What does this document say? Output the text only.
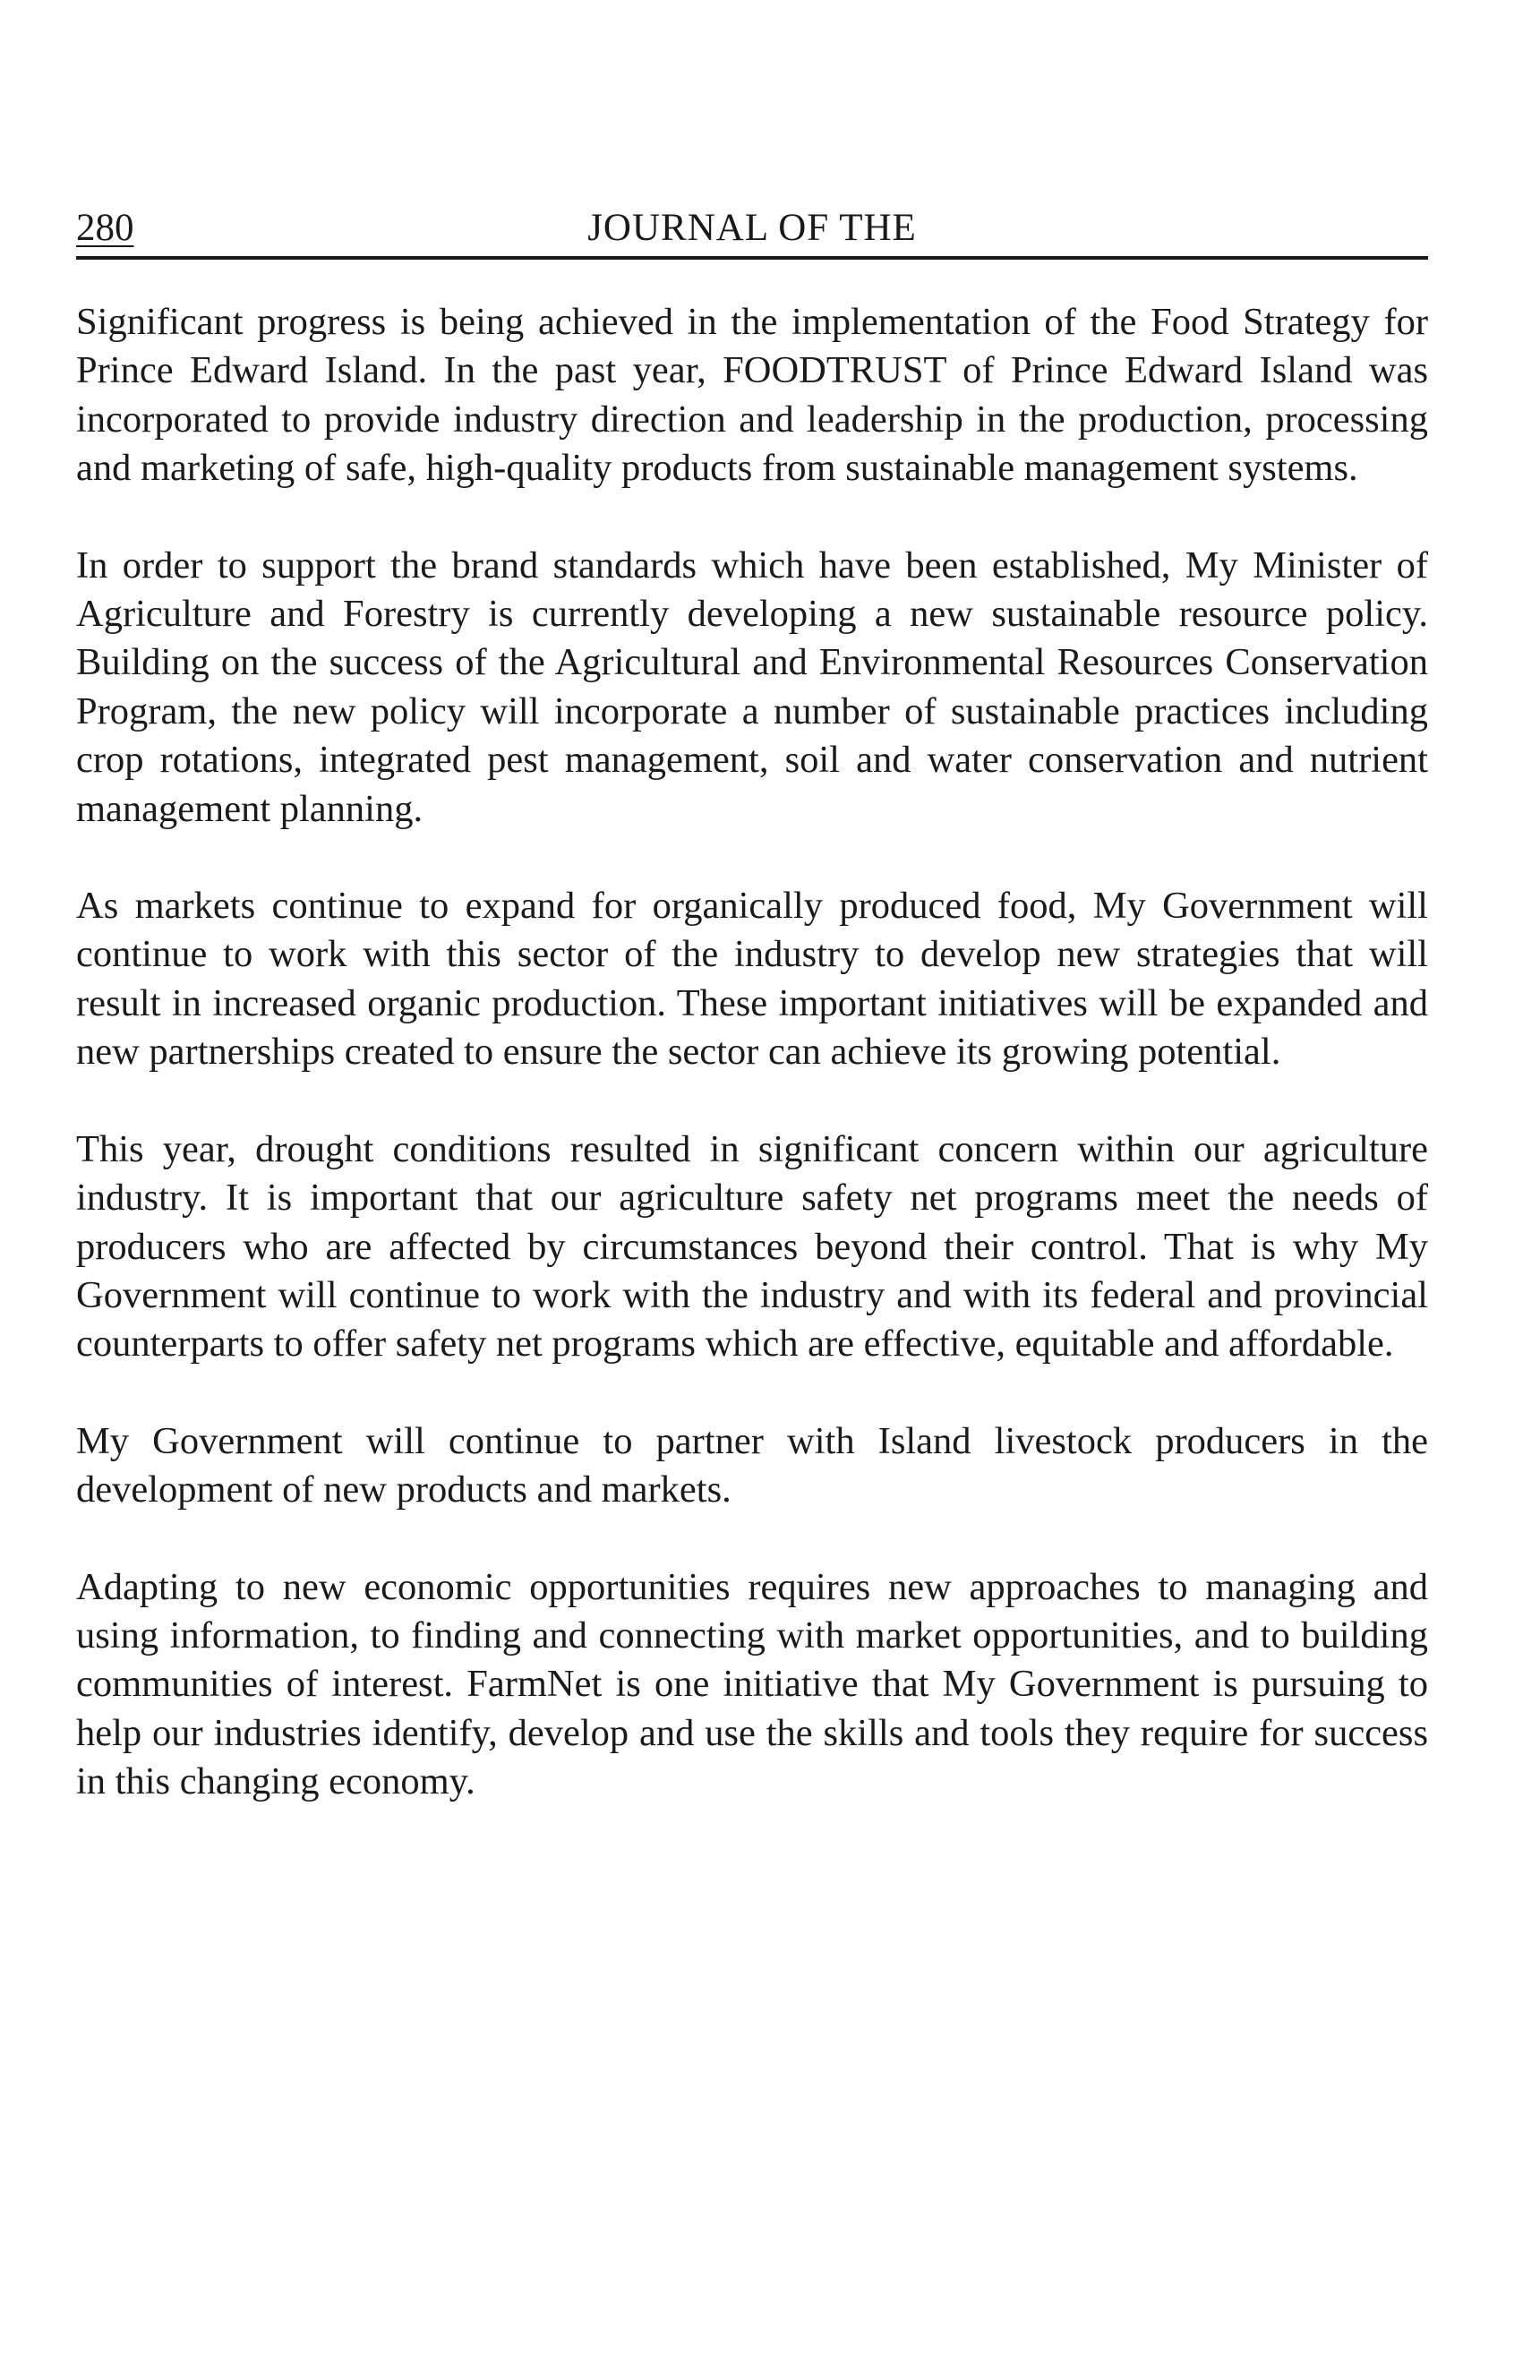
280	JOURNAL OF THE

Significant progress is being achieved in the implementation of the Food Strategy for Prince Edward Island. In the past year, FOODTRUST of Prince Edward Island was incorporated to provide industry direction and leadership in the production, processing and marketing of safe, high-quality products from sustainable management systems.

In order to support the brand standards which have been established, My Minister of Agriculture and Forestry is currently developing a new sustainable resource policy. Building on the success of the Agricultural and Environmental Resources Conservation Program, the new policy will incorporate a number of sustainable practices including crop rotations, integrated pest management, soil and water conservation and nutrient management planning.

As markets continue to expand for organically produced food, My Government will continue to work with this sector of the industry to develop new strategies that will result in increased organic production. These important initiatives will be expanded and new partnerships created to ensure the sector can achieve its growing potential.

This year, drought conditions resulted in significant concern within our agriculture industry. It is important that our agriculture safety net programs meet the needs of producers who are affected by circumstances beyond their control. That is why My Government will continue to work with the industry and with its federal and provincial counterparts to offer safety net programs which are effective, equitable and affordable.

My Government will continue to partner with Island livestock producers in the development of new products and markets.

Adapting to new economic opportunities requires new approaches to managing and using information, to finding and connecting with market opportunities, and to building communities of interest. FarmNet is one initiative that My Government is pursuing to help our industries identify, develop and use the skills and tools they require for success in this changing economy.
